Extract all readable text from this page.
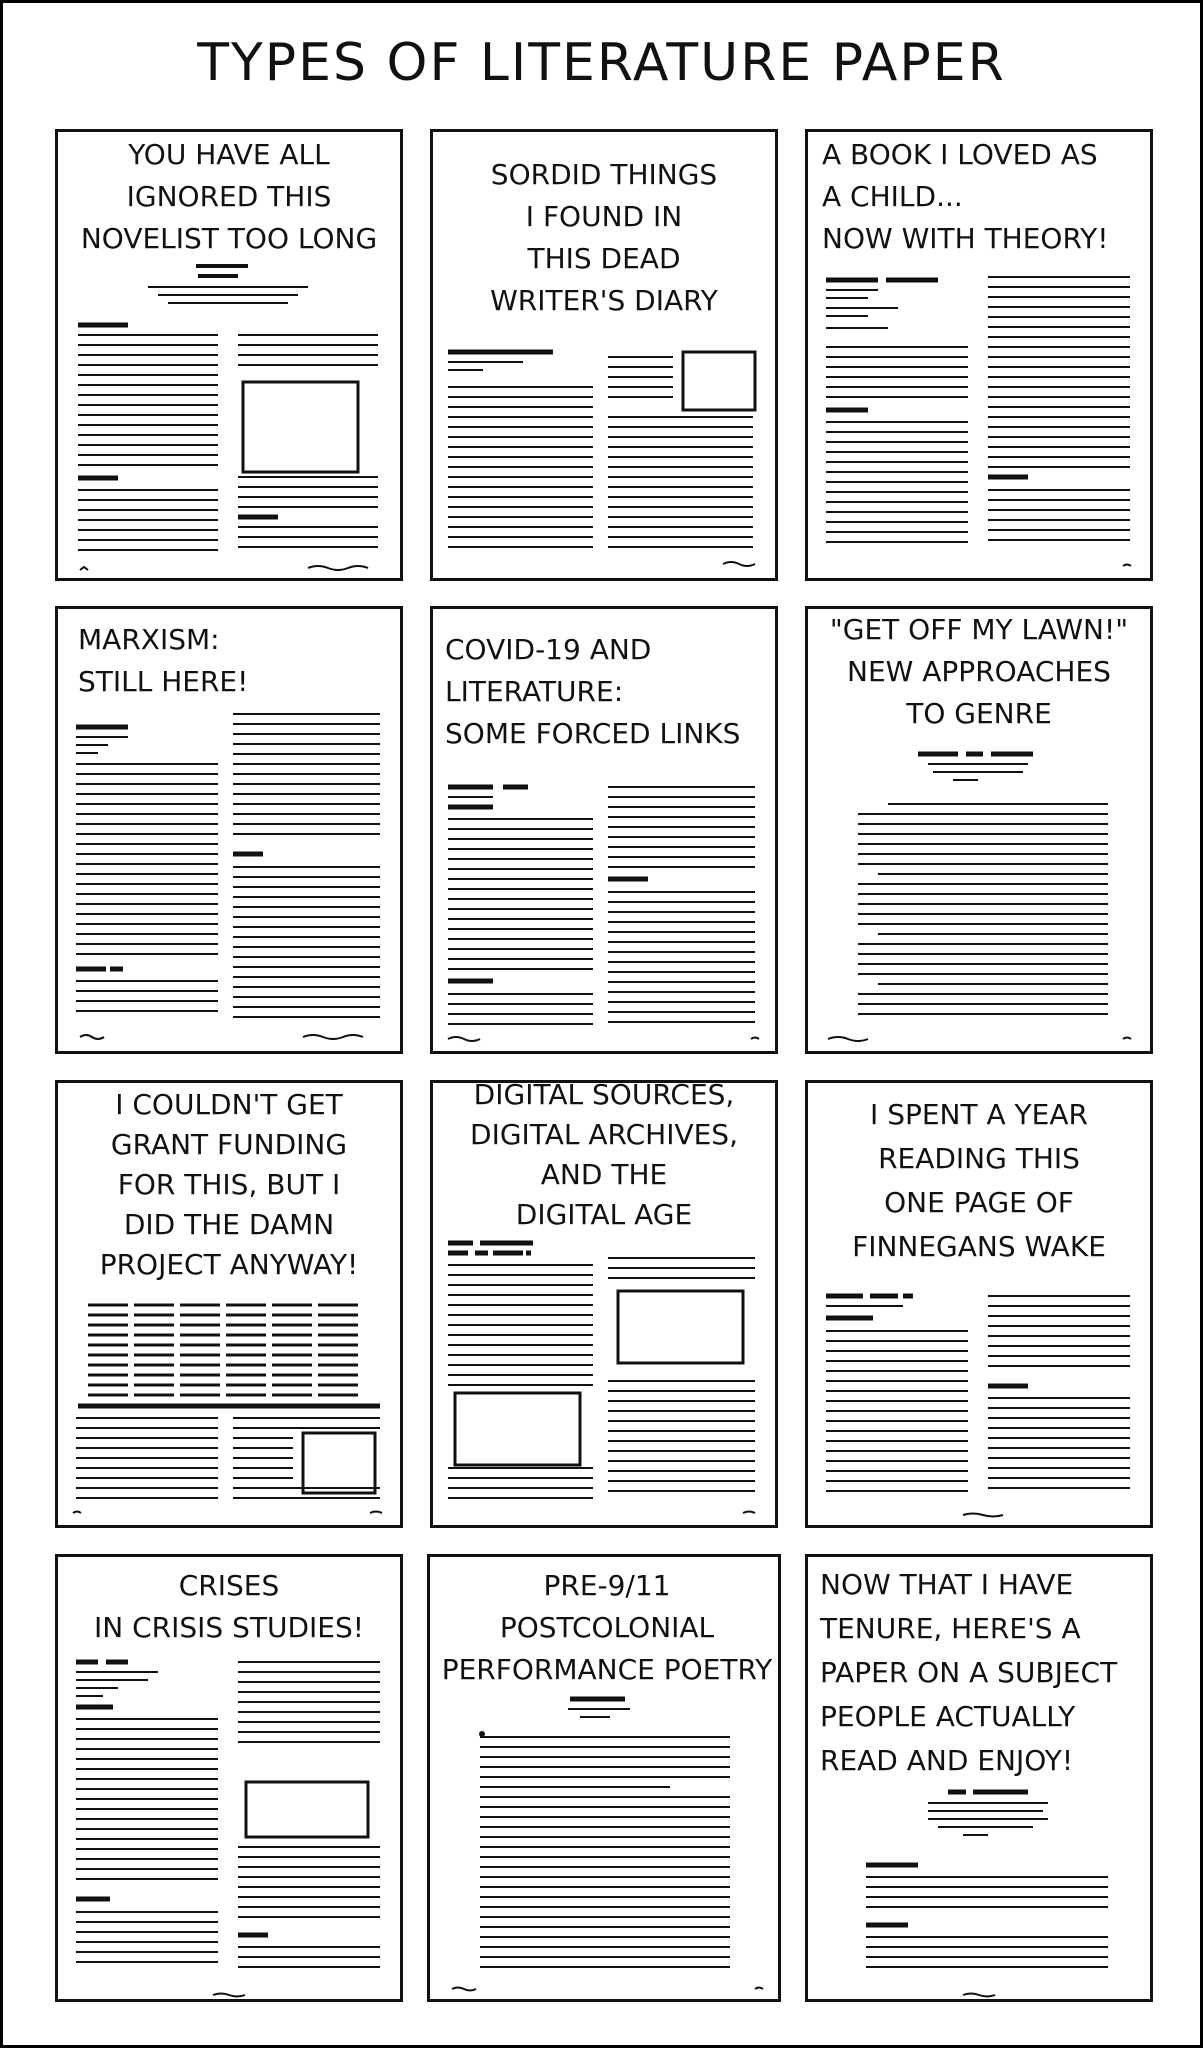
TYPES OF LITERATURE PAPER
YOU HAVE ALL
IGNORED THIS
NOVELIST TOO LONG
SORDID THINGS
I FOUND IN
THIS DEAD
WRITER'S DIARY
A BOOK I LOVED AS
A CHILD...
NOW WITH THEORY!
MARXISM:
STILL HERE!
COVID-19 AND
LITERATURE:
SOME FORCED LINKS
"GET OFF MY LAWN!"
NEW APPROACHES
TO GENRE
I COULDN'T GET
GRANT FUNDING
FOR THIS, BUT I
DID THE DAMN
PROJECT ANYWAY!
DIGITAL SOURCES,
DIGITAL ARCHIVES,
AND THE
DIGITAL AGE
I SPENT A YEAR
READING THIS
ONE PAGE OF
FINNEGANS WAKE
CRISES
IN CRISIS STUDIES!
PRE-9/11
POSTCOLONIAL
PERFORMANCE POETRY
NOW THAT I HAVE
TENURE, HERE'S A
PAPER ON A SUBJECT
PEOPLE ACTUALLY
READ AND ENJOY!
